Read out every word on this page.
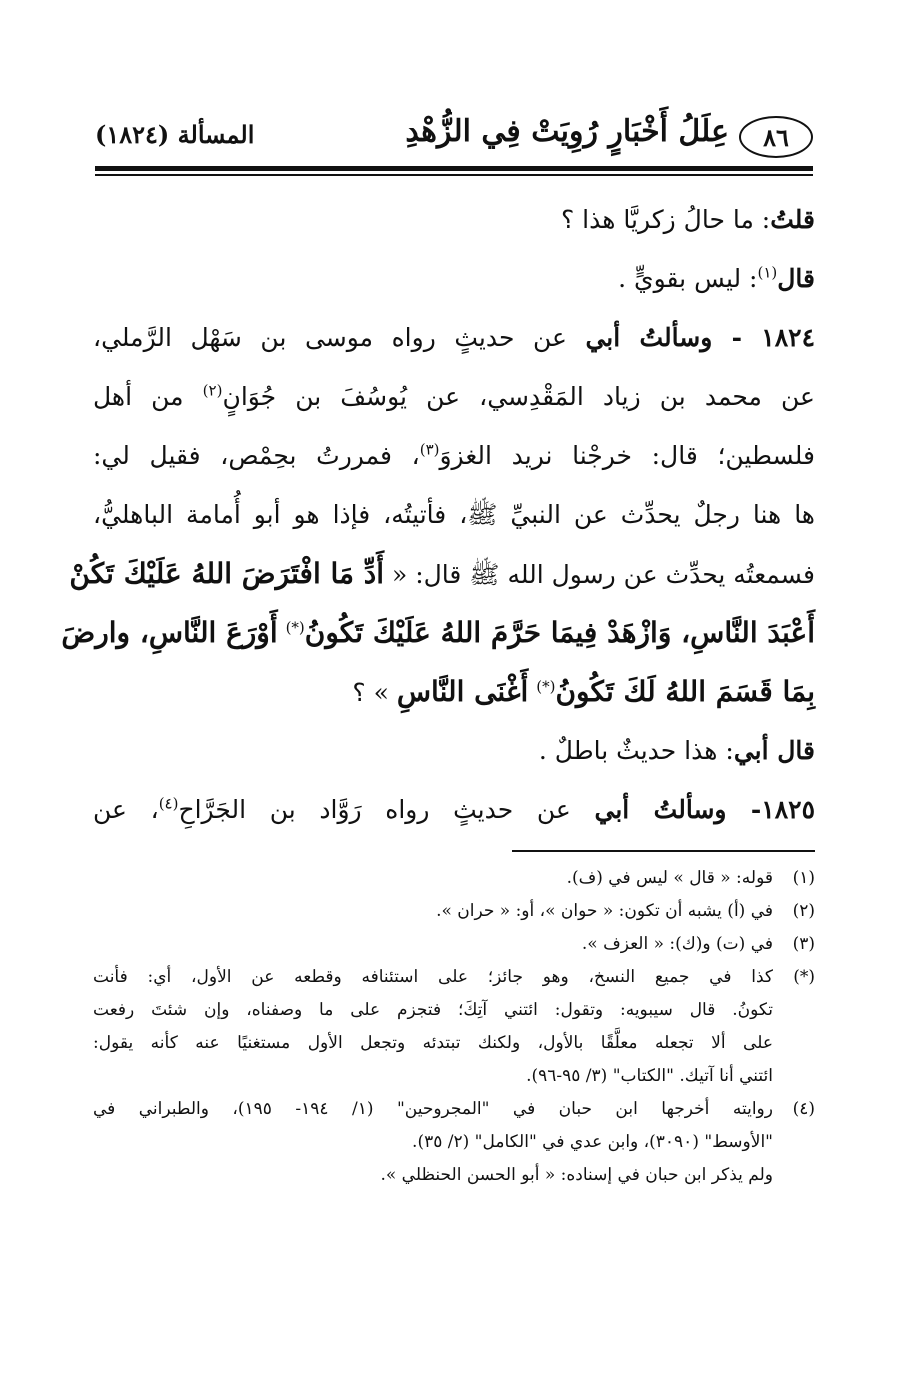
٨٦
عِلَلُ أَخْبَارٍ رُوِيَتْ فِي الزُّهْدِ
المسألة (١٨٢٤)
قلتُ: ما حالُ زكريَّا هذا ؟
قال$^{(١)}$: ليس بقويٍّ .
١٨٢٤ - وسألتُ أبي عن حديثٍ رواه موسى بن سَهْل الرَّملي،
عن محمد بن زياد المَقْدِسي، عن يُوسُفَ بن جُوَانٍ$^{(٢)}$ من أهل
فلسطين؛ قال: خرجْنا نريد الغزوَ$^{(٣)}$، فمررتُ بحِمْص، فقيل لي:
ها هنا رجلٌ يحدِّث عن النبيِّ ﷺ، فأتيتُه، فإذا هو أبو أُمامة الباهليُّ،
فسمعتُه يحدِّث عن رسول الله ﷺ قال: « أَدِّ مَا افْتَرَضَ اللهُ عَلَيْكَ تَكُنْ
أَعْبَدَ النَّاسِ، وَازْهَدْ فِيمَا حَرَّمَ اللهُ عَلَيْكَ تَكُونُ(*) أَوْرَعَ النَّاسِ، وارضَ
بِمَا قَسَمَ اللهُ لَكَ تَكُونُ(*) أَغْنَى النَّاسِ » ؟
قال أبي: هذا حديثٌ باطلٌ .
١٨٢٥- وسألتُ أبي عن حديثٍ رواه رَوَّاد بن الجَرَّاحِ$^{(٤)}$، عن
(١)
قوله: « قال » ليس في (ف).
(٢)
في (أ) يشبه أن تكون: « حوان »، أو: « حران ».
(٣)
في (ت) و(ك): « العزف ».
(*)
كذا في جميع النسخ، وهو جائز؛ على استئنافه وقطعه عن الأول، أي: فأنت
تكونُ. قال سيبويه: وتقول: ائتني آتِكَ؛ فتجزم على ما وصفناه، وإن شئتَ رفعت
على ألا تجعله معلَّقًا بالأول، ولكنك تبتدئه وتجعل الأول مستغنيًا عنه كأنه يقول:
ائتني أنا آتيك. "الكتاب" (٣/ ٩٥-٩٦).
(٤)
روايته أخرجها ابن حبان في "المجروحين" (١/ ١٩٤- ١٩٥)، والطبراني في
"الأوسط" (٣٠٩٠)، وابن عدي في "الكامل" (٢/ ٣٥).
ولم يذكر ابن حبان في إسناده: « أبو الحسن الحنظلي ».
